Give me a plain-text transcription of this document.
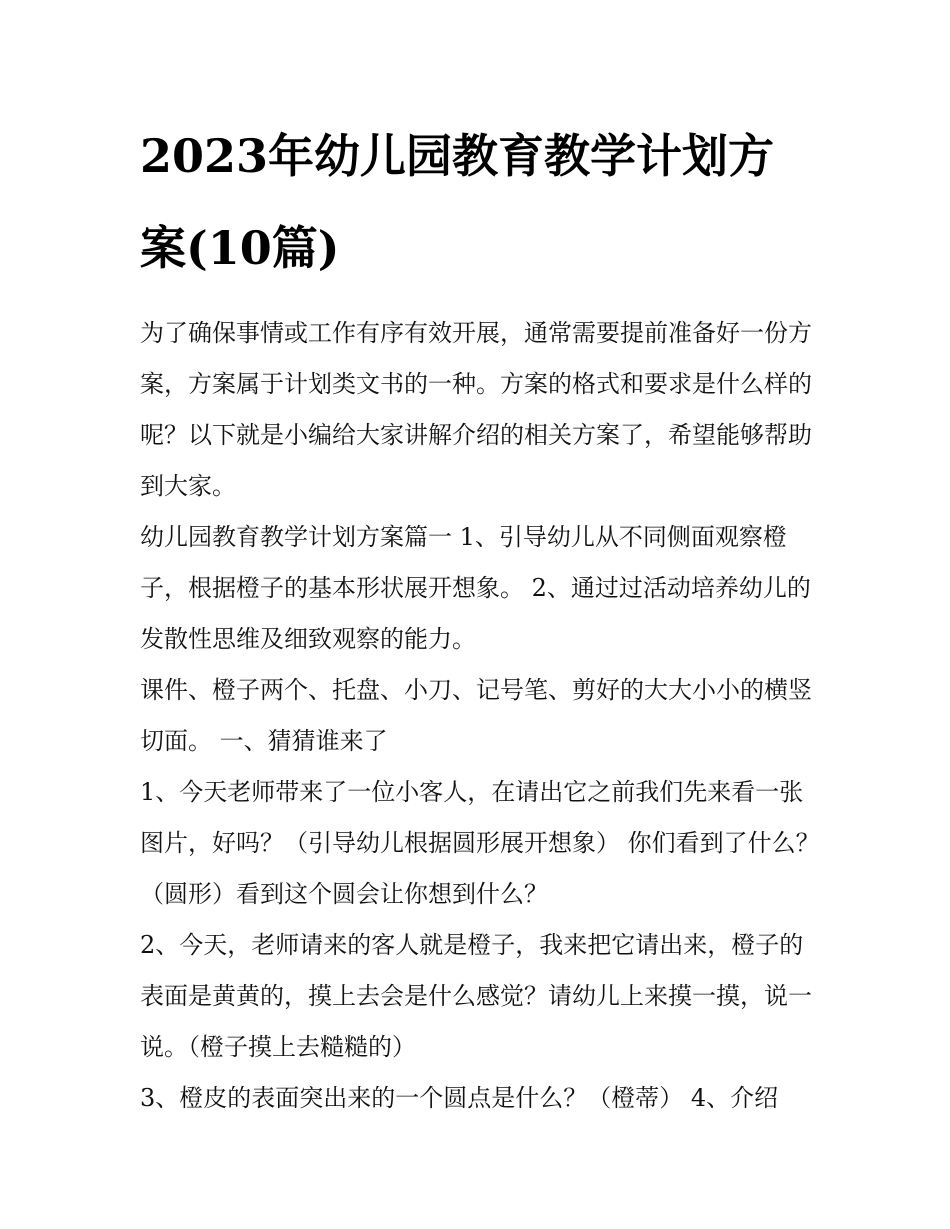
2023年幼儿园教育教学计划方案(10篇)

为了确保事情或工作有序有效开展，通常需要提前准备好一份方案，方案属于计划类文书的一种。方案的格式和要求是什么样的呢？以下就是小编给大家讲解介绍的相关方案了，希望能够帮助到大家。

幼儿园教育教学计划方案篇一 1、引导幼儿从不同侧面观察橙子，根据橙子的基本形状展开想象。 2、通过过活动培养幼儿的发散性思维及细致观察的能力。

课件、橙子两个、托盘、小刀、记号笔、剪好的大大小小的横竖切面。 一、猜猜谁来了

1、今天老师带来了一位小客人，在请出它之前我们先来看一张图片，好吗？（引导幼儿根据圆形展开想象） 你们看到了什么？（圆形）看到这个圆会让你想到什么？

2、今天，老师请来的客人就是橙子，我来把它请出来，橙子的表面是黄黄的，摸上去会是什么感觉？请幼儿上来摸一摸，说一说。（橙子摸上去糙糙的）

3、橙皮的表面突出来的一个圆点是什么？（橙蒂） 4、介绍
